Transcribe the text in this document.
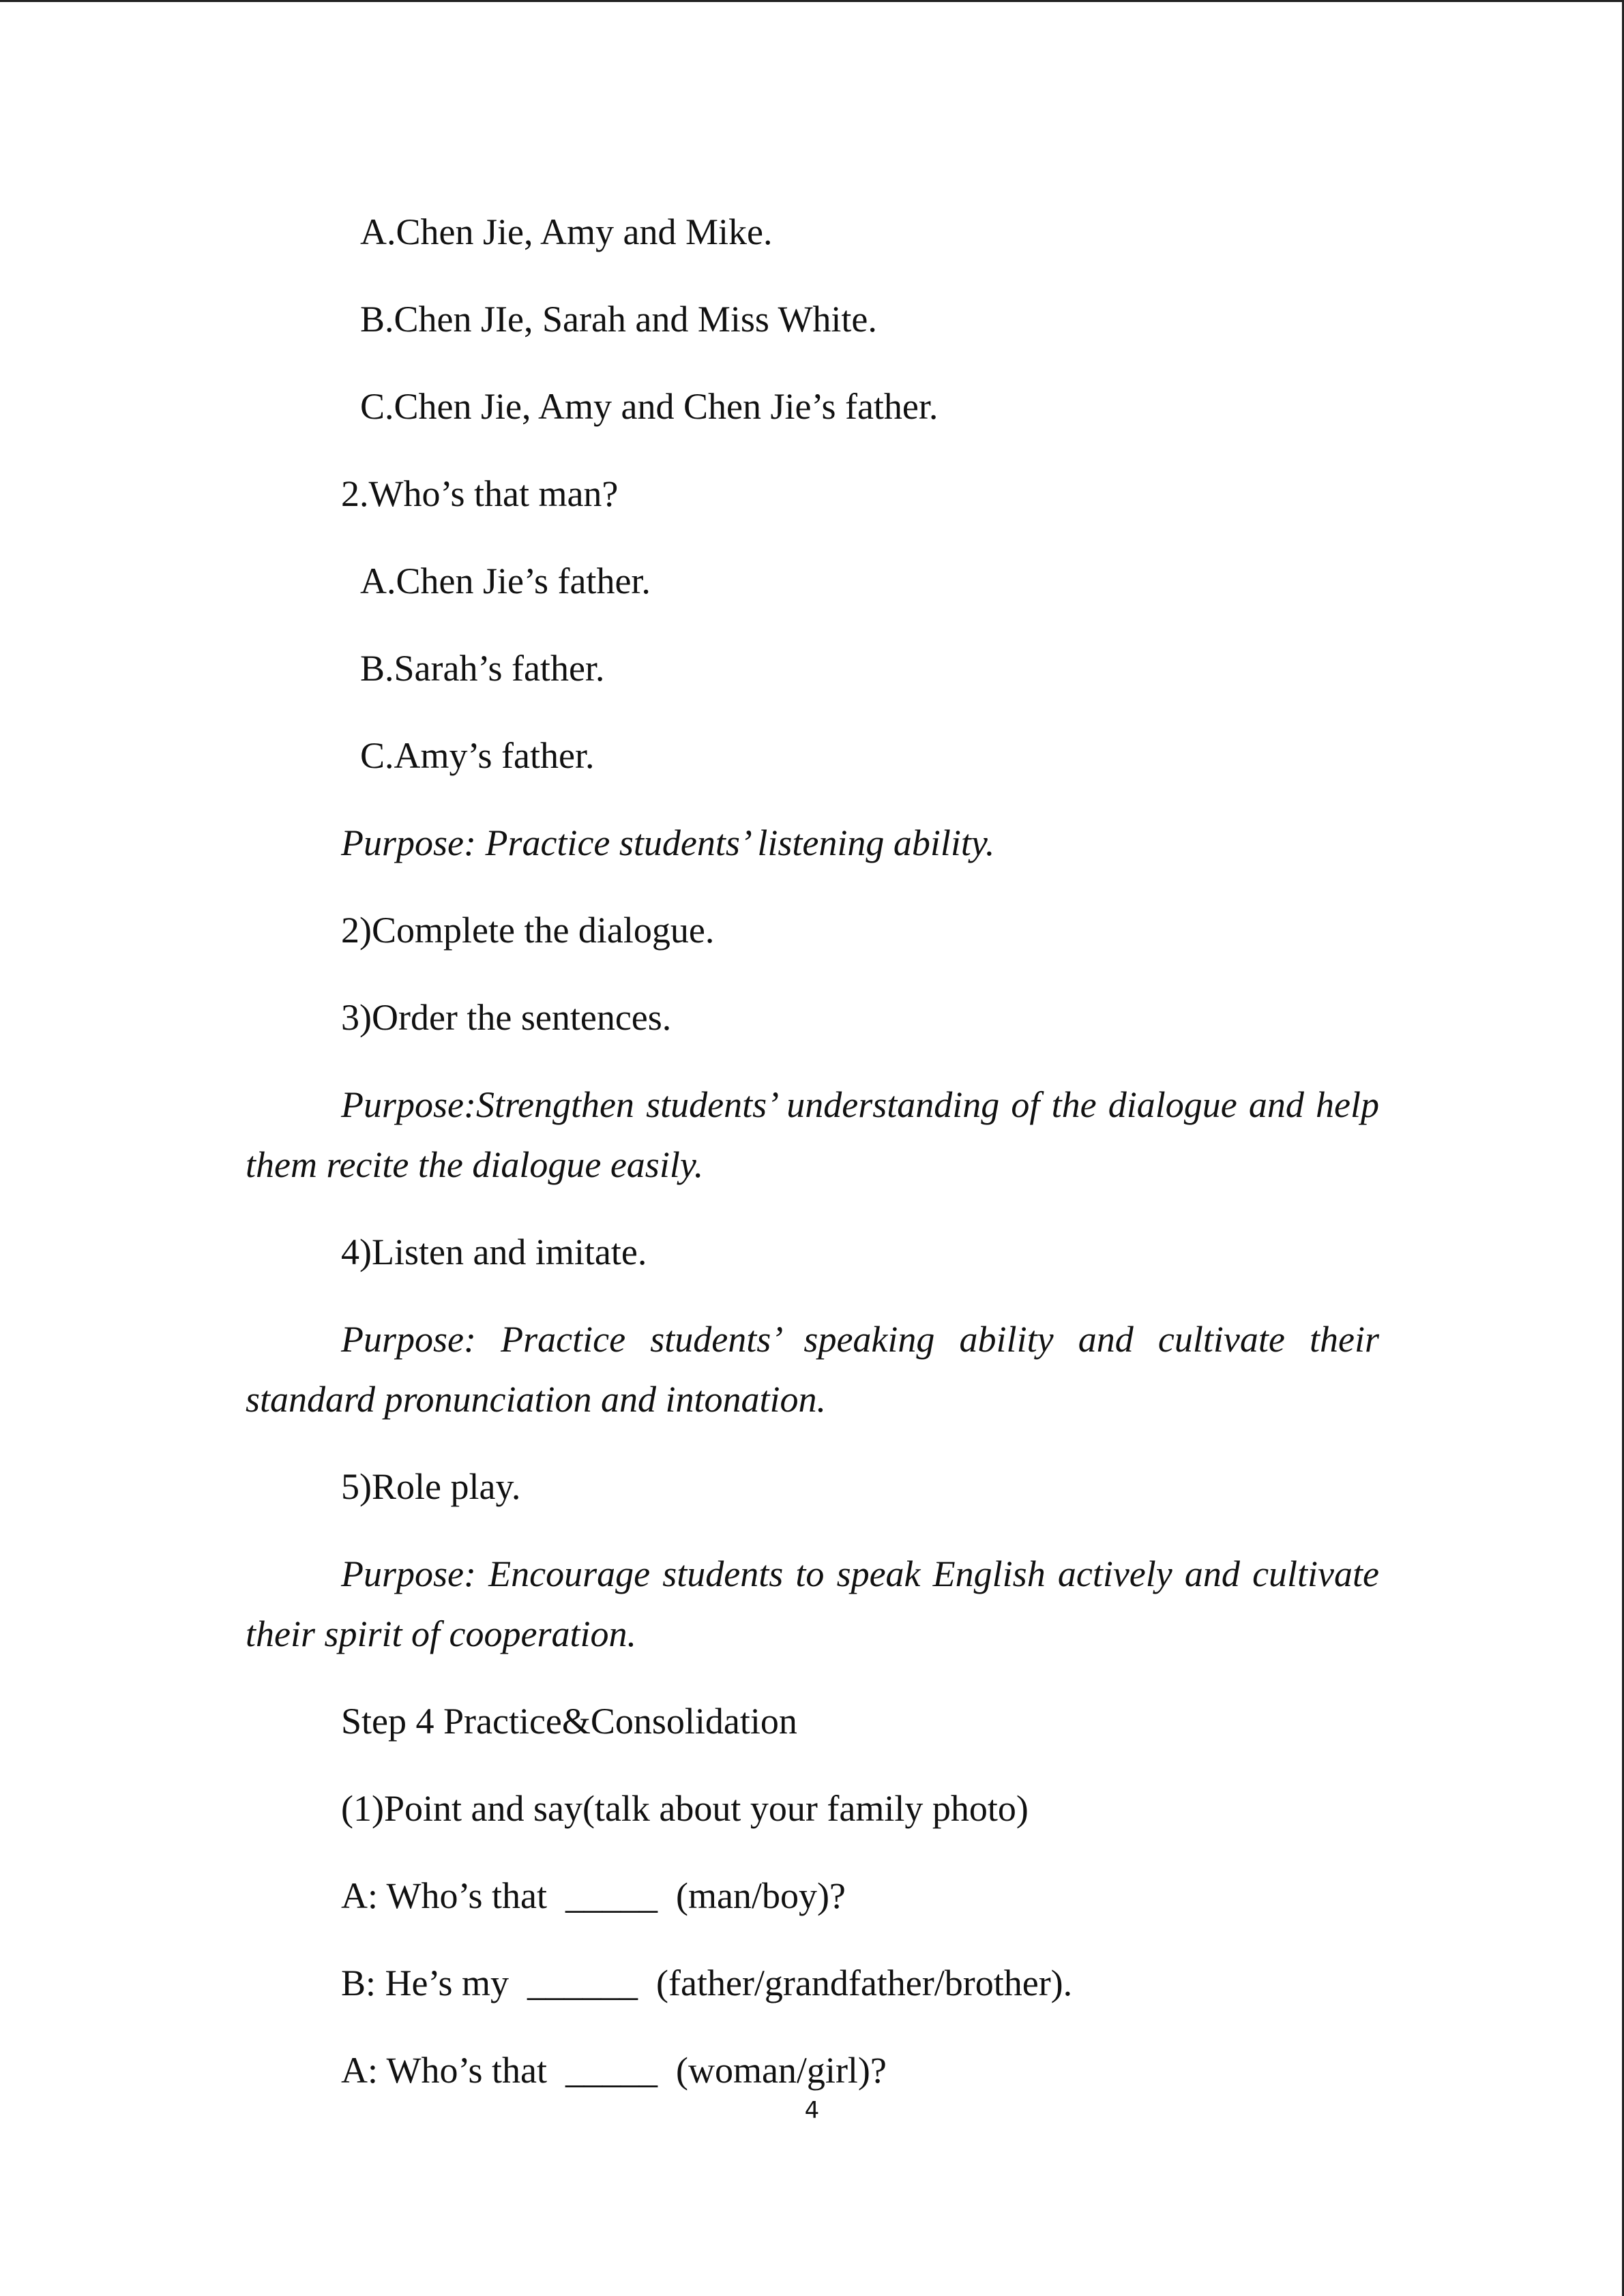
A.Chen Jie, Amy and Mike.
B.Chen JIe, Sarah and Miss White.
C.Chen Jie, Amy and Chen Jie’s father.
2.Who’s that man?
A.Chen Jie’s father.
B.Sarah’s father.
C.Amy’s father.
Purpose: Practice students’ listening ability.
2)Complete the dialogue.
3)Order the sentences.
Purpose:Strengthen students’ understanding of the dialogue and help them recite the dialogue easily.
4)Listen and imitate.
Purpose: Practice students’ speaking ability and cultivate their standard pronunciation and intonation.
5)Role play.
Purpose: Encourage students to speak English actively and cultivate their spirit of cooperation.
Step 4 Practice&Consolidation
(1)Point and say(talk about your family photo)
A: Who’s that  _____  (man/boy)?
B: He’s my  ______  (father/grandfather/brother).
A: Who’s that  _____  (woman/girl)?
4
